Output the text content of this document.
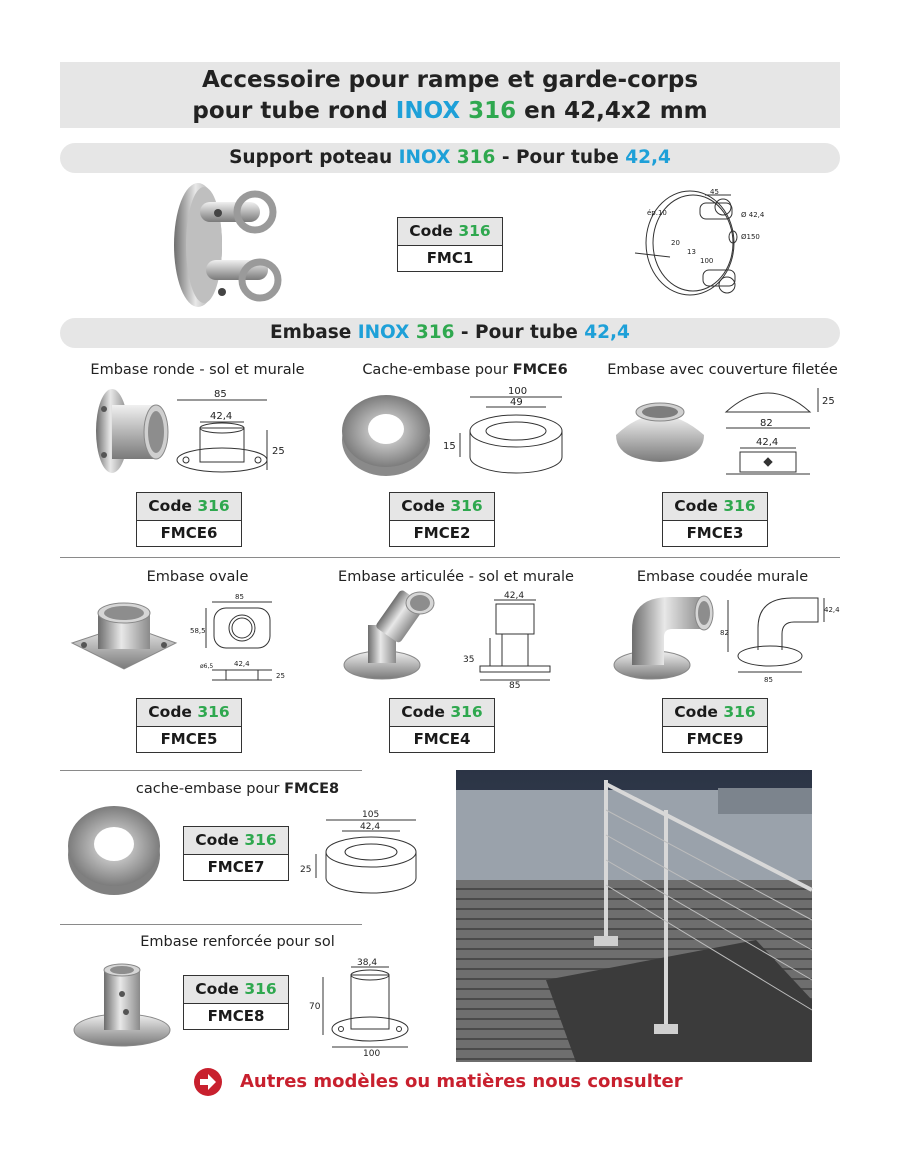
Accessoire pour rampe et garde-corps
pour tube rond INOX 316 en 42,4x2 mm
Support poteau INOX 316 - Pour tube 42,4
Code 316
FMC1
45
Ø 42,4
Ø150
ép.10
20
13
100
Embase INOX 316 - Pour tube 42,4
Embase ronde - sol et murale	Cache-embase pour FMCE6	Embase avec couverture filetée
85
42,4
25
100
49
15
25
82
42,4
Code 316
FMCE6
Code 316
FMCE2
Code 316
FMCE3
Embase ovale	Embase articulée - sol et murale	Embase coudée murale
85
58,5
42,4
25
ø6,5
42,4
35
85
42,4
82
85
Code 316
FMCE5
Code 316
FMCE4
Code 316
FMCE9
cache-embase pour FMCE8
Code 316
FMCE7
105
42,4
25
Embase renforcée pour sol
Code 316
FMCE8
38,4
70
100
Autres modèles ou matières nous consulter
